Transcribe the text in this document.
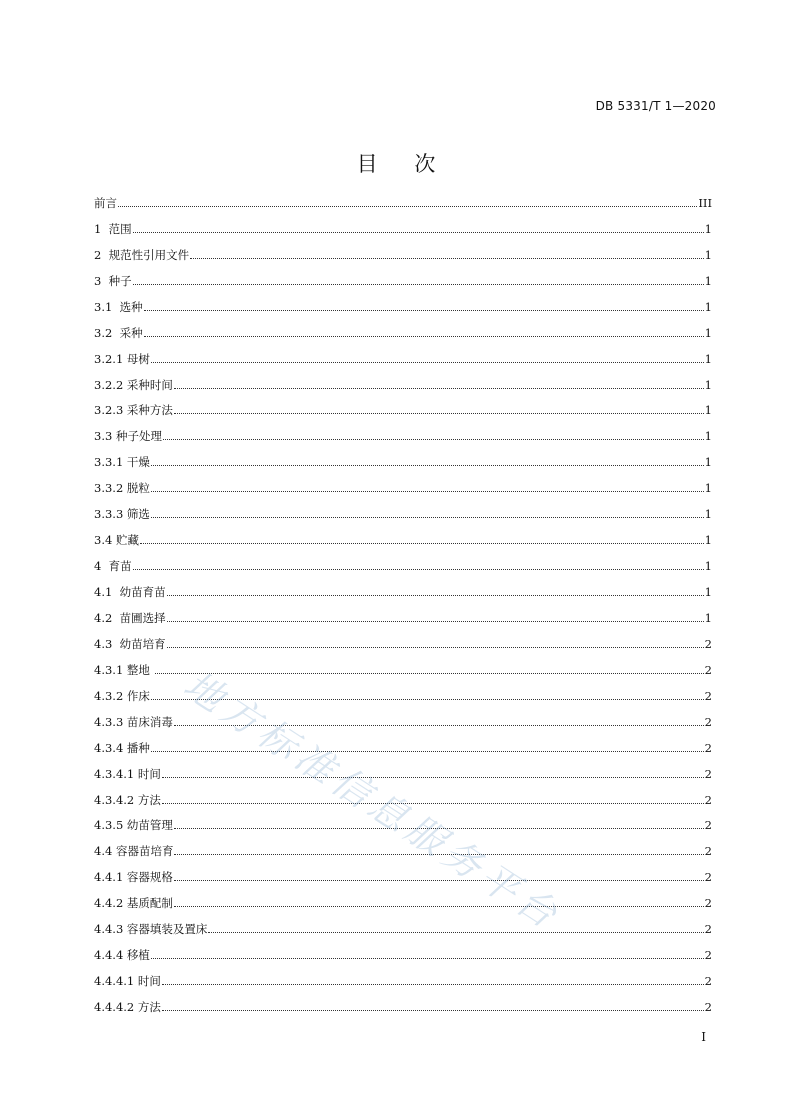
DB 5331/T 1—2020
目 次
前言	III
1  范围	1
2  规范性引用文件	1
3  种子	1
3.1  选种	1
3.2  采种	1
3.2.1 母树	1
3.2.2 采种时间	1
3.2.3 采种方法	1
3.3 种子处理	1
3.3.1 干燥	1
3.3.2 脱粒	1
3.3.3 筛选	1
3.4 贮藏	1
4  育苗	1
4.1  幼苗育苗	1
4.2  苗圃选择	1
4.3  幼苗培育	2
4.3.1 整地	2
4.3.2 作床	2
4.3.3 苗床消毒	2
4.3.4 播种	2
4.3.4.1 时间	2
4.3.4.2 方法	2
4.3.5 幼苗管理	2
4.4 容器苗培育	2
4.4.1 容器规格	2
4.4.2 基质配制	2
4.4.3 容器填装及置床	2
4.4.4 移植	2
4.4.4.1 时间	2
4.4.4.2 方法	2
地方标准信息服务平台
I
